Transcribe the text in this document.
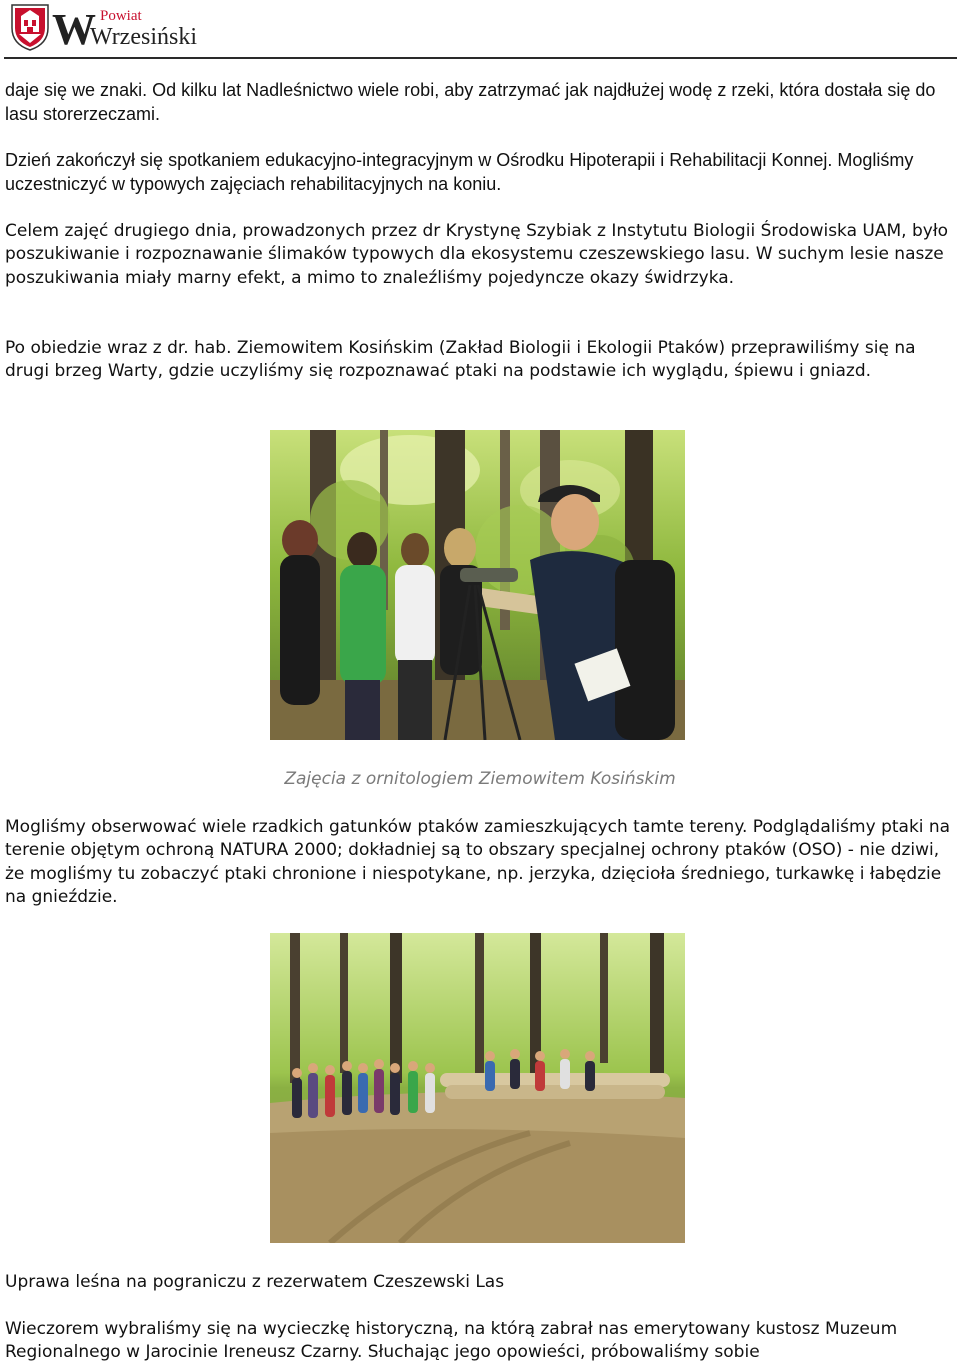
W Powiat
Wrzesiński

daje się we znaki. Od kilku lat Nadleśnictwo wiele robi, aby zatrzymać jak najdłużej wodę z rzeki, która dostała się do lasu storerzeczami.

Dzień zakończył się spotkaniem edukacyjno-integracyjnym w Ośrodku Hipoterapii i Rehabilitacji Konnej. Mogliśmy uczestniczyć w typowych zajęciach rehabilitacyjnych na koniu.

Celem zajęć drugiego dnia, prowadzonych przez dr Krystynę Szybiak z Instytutu Biologii Środowiska UAM, było poszukiwanie i rozpoznawanie ślimaków typowych dla ekosystemu czeszewskiego lasu. W suchym lesie nasze poszukiwania miały marny efekt, a mimo to znaleźliśmy pojedyncze okazy świdrzyka.

Po obiedzie wraz z dr. hab. Ziemowitem Kosińskim (Zakład Biologii i Ekologii Ptaków) przeprawiliśmy się na drugi brzeg Warty, gdzie uczyliśmy się rozpoznawać ptaki na podstawie ich wyglądu, śpiewu i gniazd.

Zajęcia z ornitologiem Ziemowitem Kosińskim

Mogliśmy obserwować wiele rzadkich gatunków ptaków zamieszkujących tamte tereny. Podglądaliśmy ptaki na terenie objętym ochroną NATURA 2000; dokładniej są to obszary specjalnej ochrony ptaków (OSO) - nie dziwi, że mogliśmy tu zobaczyć ptaki chronione i niespotykane, np. jerzyka, dzięcioła średniego, turkawkę i łabędzie na gnieździe.

Uprawa leśna na pograniczu z rezerwatem Czeszewski Las

Wieczorem wybraliśmy się na wycieczkę historyczną, na którą zabrał nas emerytowany kustosz Muzeum Regionalnego w Jarocinie Ireneusz Czarny. Słuchając jego opowieści, próbowaliśmy sobie
